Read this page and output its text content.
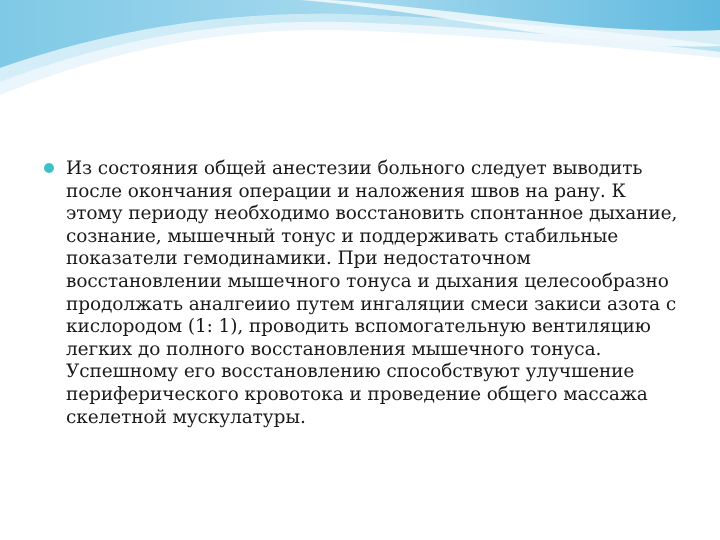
Из состояния общей анестезии больного следует выводить после окончания операции и наложения швов на рану. К этому периоду необходимо восстановить спонтанное дыхание, сознание, мышечный тонус и поддерживать стабильные показатели гемодинамики. При недостаточном восстановлении мышечного тонуса и дыхания целесообразно продолжать аналгеиио путем ингаляции смеси закиси азота с кислородом (1: 1), проводить вспомогательную вентиляцию легких до полного восстановления мышечного тонуса. Успешному его восстановлению способствуют улучшение периферического кровотока и проведение общего массажа скелетной мускулатуры.
